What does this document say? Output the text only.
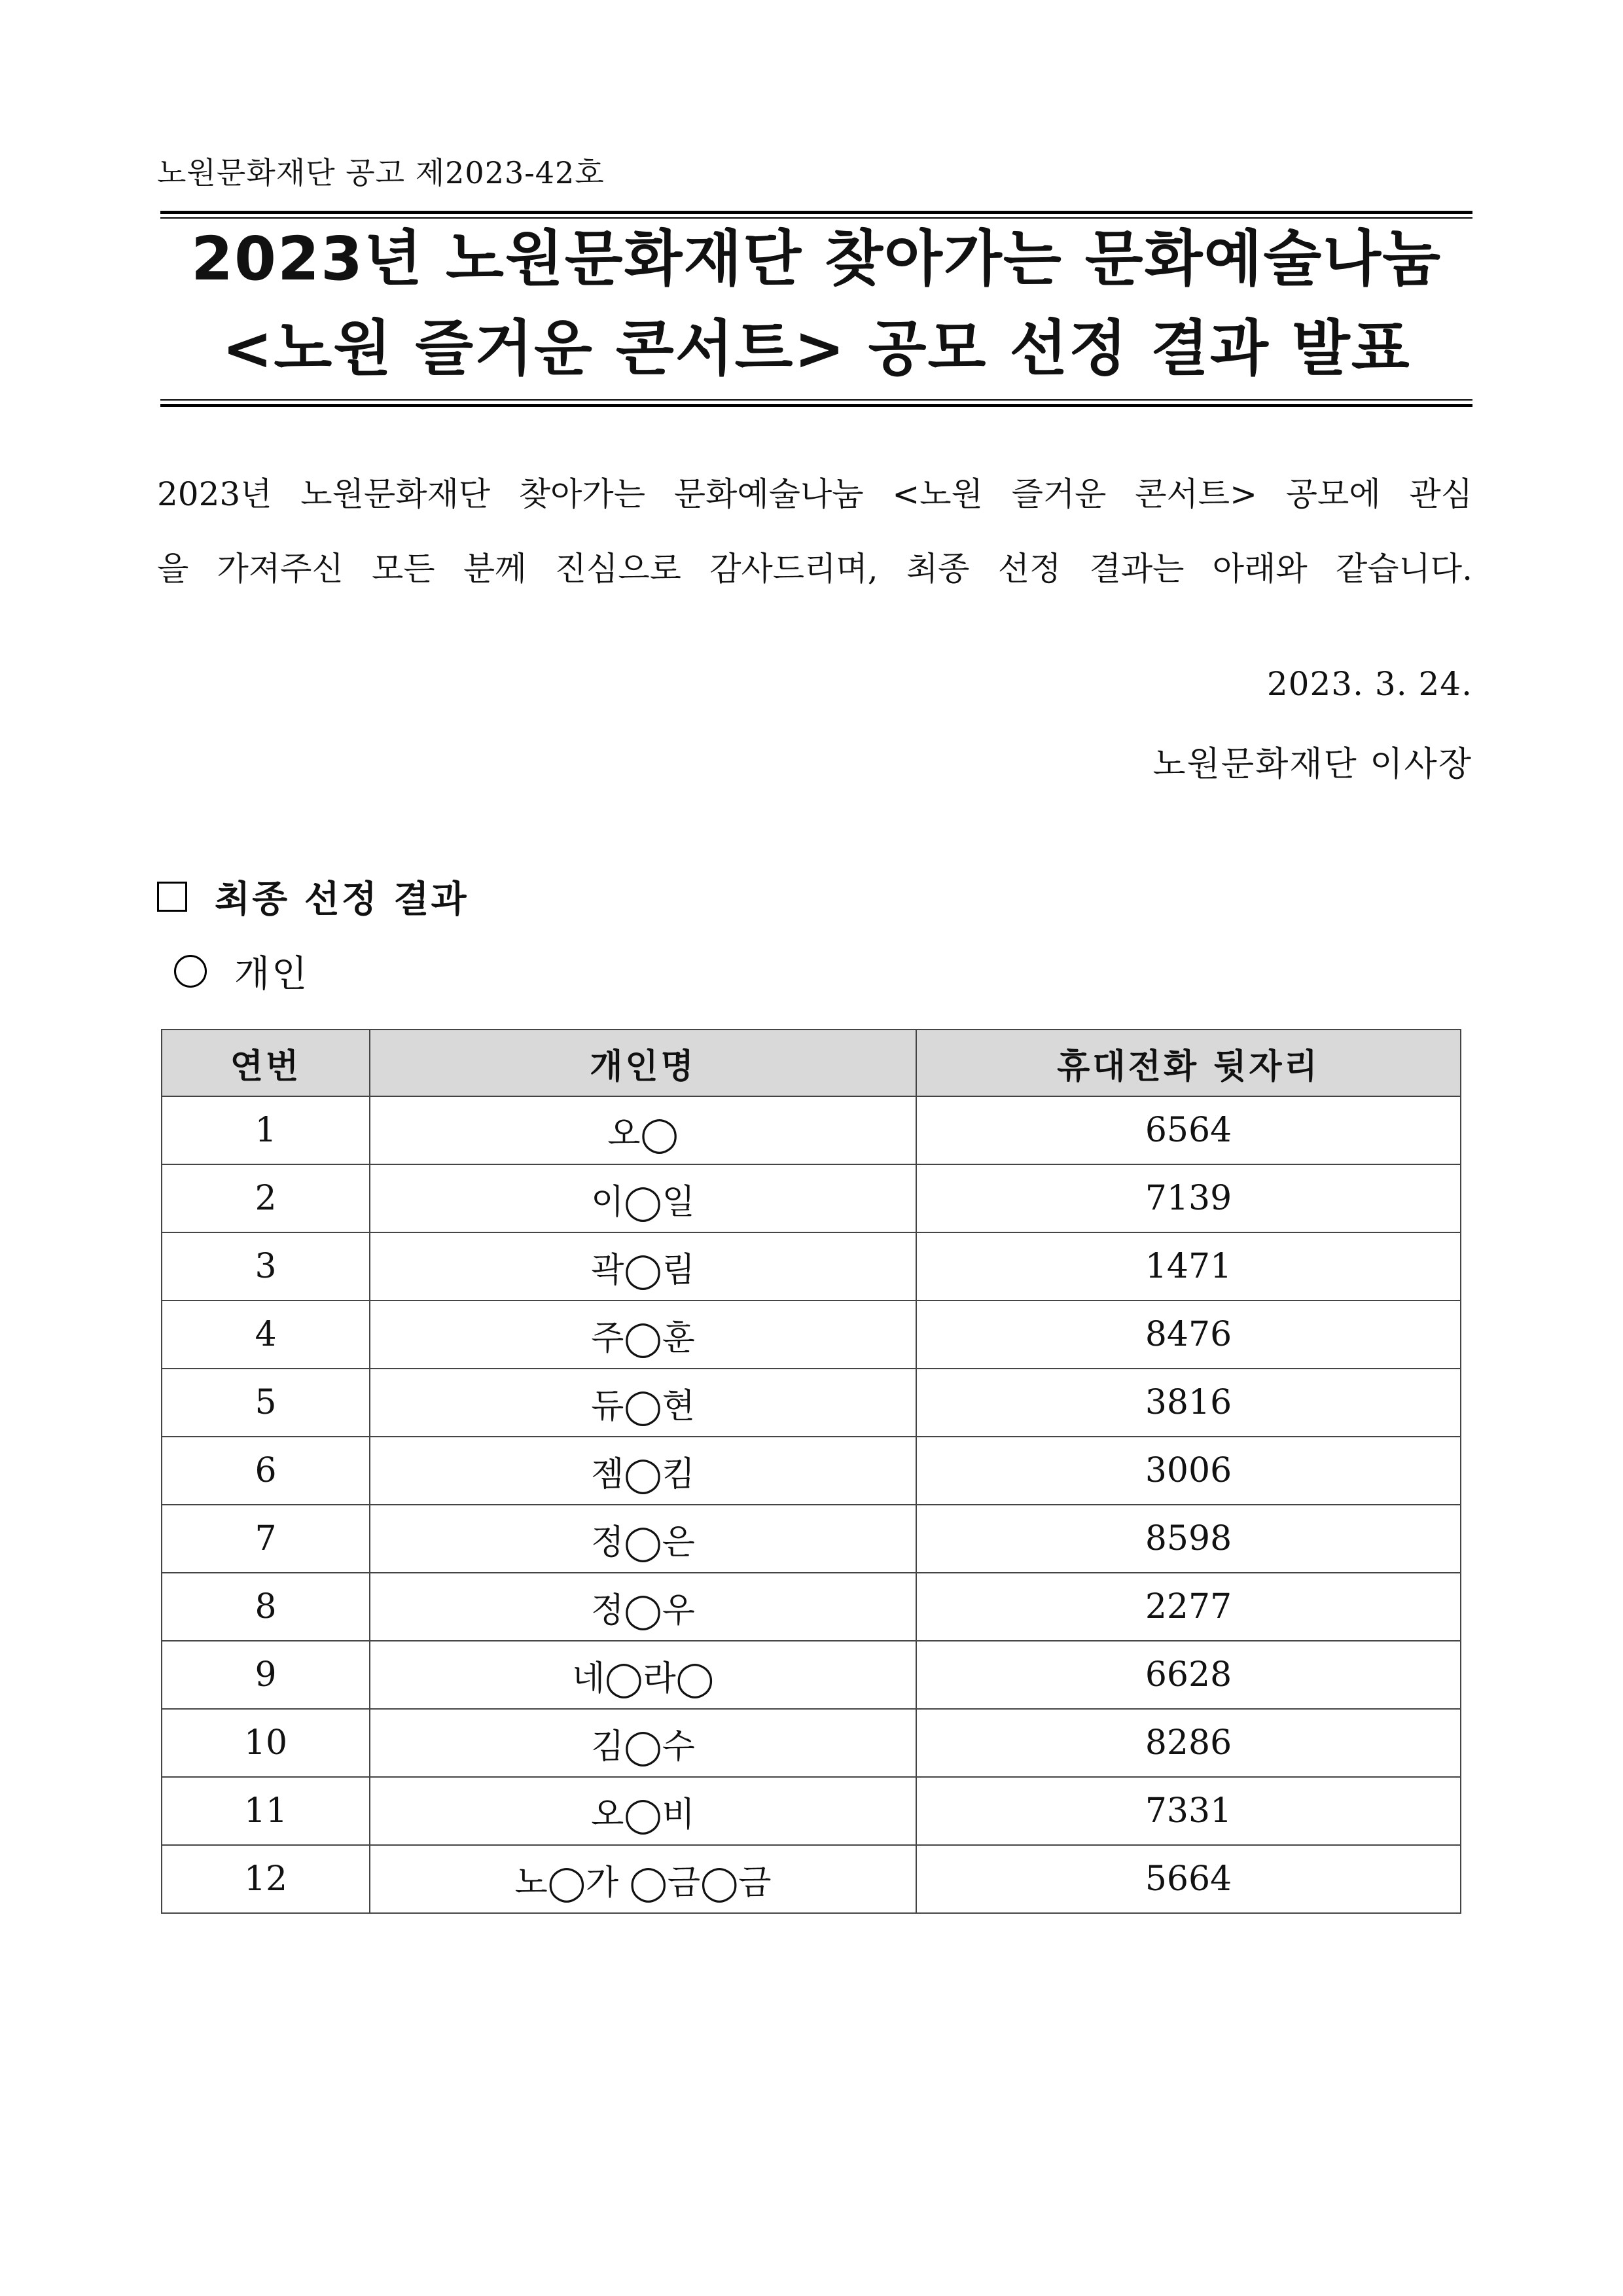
노원문화재단 공고 제2023-42호
2023년 노원문화재단 찾아가는 문화예술나눔
<노원 즐거운 콘서트> 공모 선정 결과 발표
2023년 노원문화재단 찾아가는 문화예술나눔 <노원 즐거운 콘서트> 공모에 관심
을 가져주신 모든 분께 진심으로 감사드리며, 최종 선정 결과는 아래와 같습니다.
2023. 3. 24.
노원문화재단 이사장
최종 선정 결과
개인
연번	개인명	휴대전화 뒷자리
1	오◯	6564
2	이◯일	7139
3	곽◯림	1471
4	주◯훈	8476
5	듀◯현	3816
6	젬◯킴	3006
7	정◯은	8598
8	정◯우	2277
9	네◯라◯	6628
10	김◯수	8286
11	오◯비	7331
12	노◯가 ◯금◯금	5664
